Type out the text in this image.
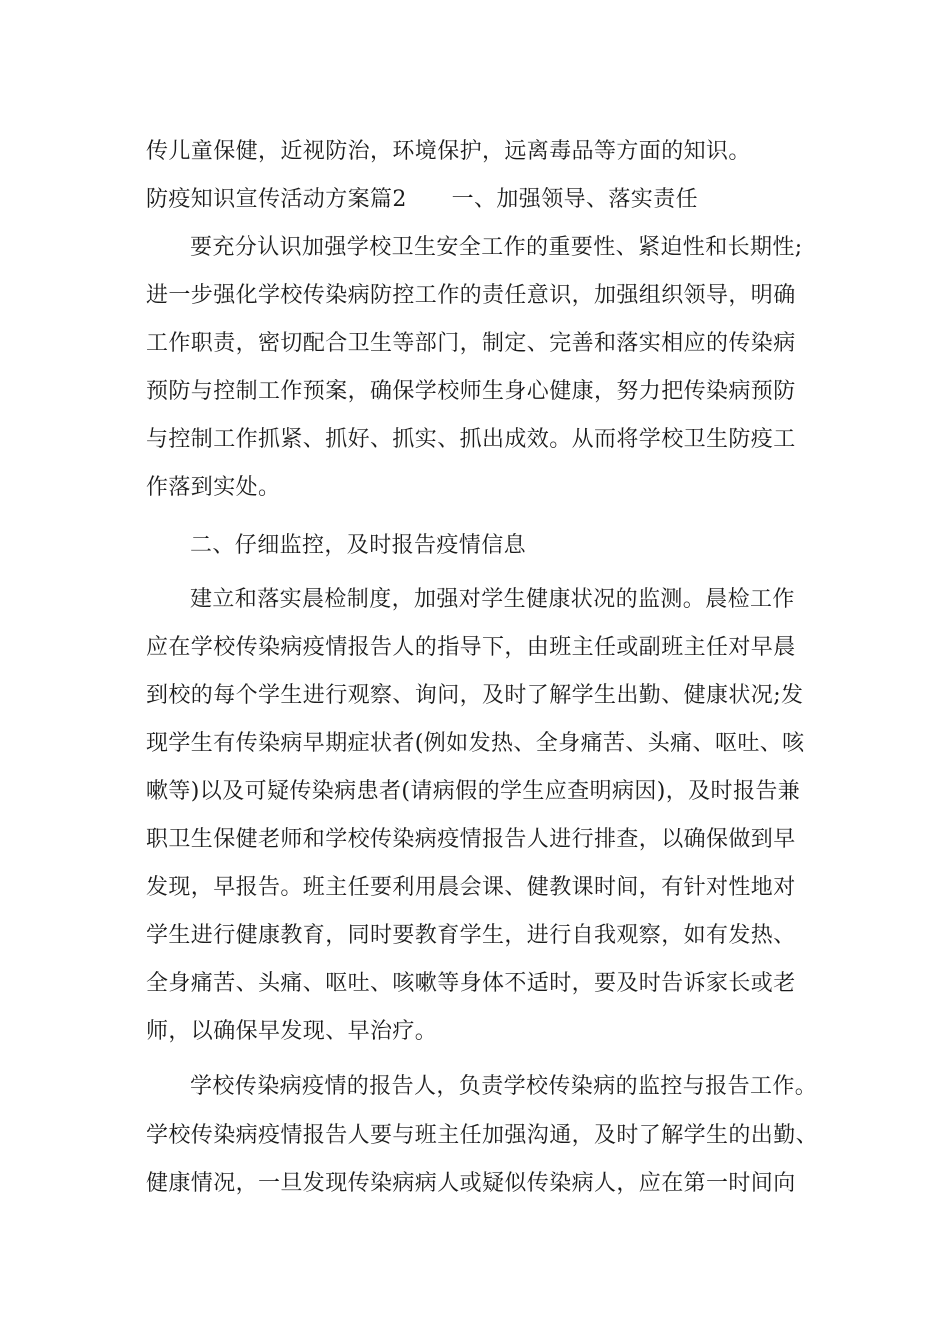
传儿童保健，近视防治，环境保护，远离毒品等方面的知识。
防疫知识宣传活动方案篇2　　一、加强领导、落实责任
要充分认识加强学校卫生安全工作的重要性、紧迫性和长期性;
进一步强化学校传染病防控工作的责任意识，加强组织领导，明确
工作职责，密切配合卫生等部门，制定、完善和落实相应的传染病
预防与控制工作预案，确保学校师生身心健康，努力把传染病预防
与控制工作抓紧、抓好、抓实、抓出成效。从而将学校卫生防疫工
作落到实处。
二、仔细监控，及时报告疫情信息
建立和落实晨检制度，加强对学生健康状况的监测。晨检工作
应在学校传染病疫情报告人的指导下，由班主任或副班主任对早晨
到校的每个学生进行观察、询问，及时了解学生出勤、健康状况;发
现学生有传染病早期症状者(例如发热、全身痛苦、头痛、呕吐、咳
嗽等)以及可疑传染病患者(请病假的学生应查明病因)，及时报告兼
职卫生保健老师和学校传染病疫情报告人进行排查，以确保做到早
发现，早报告。班主任要利用晨会课、健教课时间，有针对性地对
学生进行健康教育，同时要教育学生，进行自我观察，如有发热、
全身痛苦、头痛、呕吐、咳嗽等身体不适时，要及时告诉家长或老
师，以确保早发现、早治疗。
学校传染病疫情的报告人，负责学校传染病的监控与报告工作。
学校传染病疫情报告人要与班主任加强沟通，及时了解学生的出勤、
健康情况，一旦发现传染病病人或疑似传染病人，应在第一时间向
